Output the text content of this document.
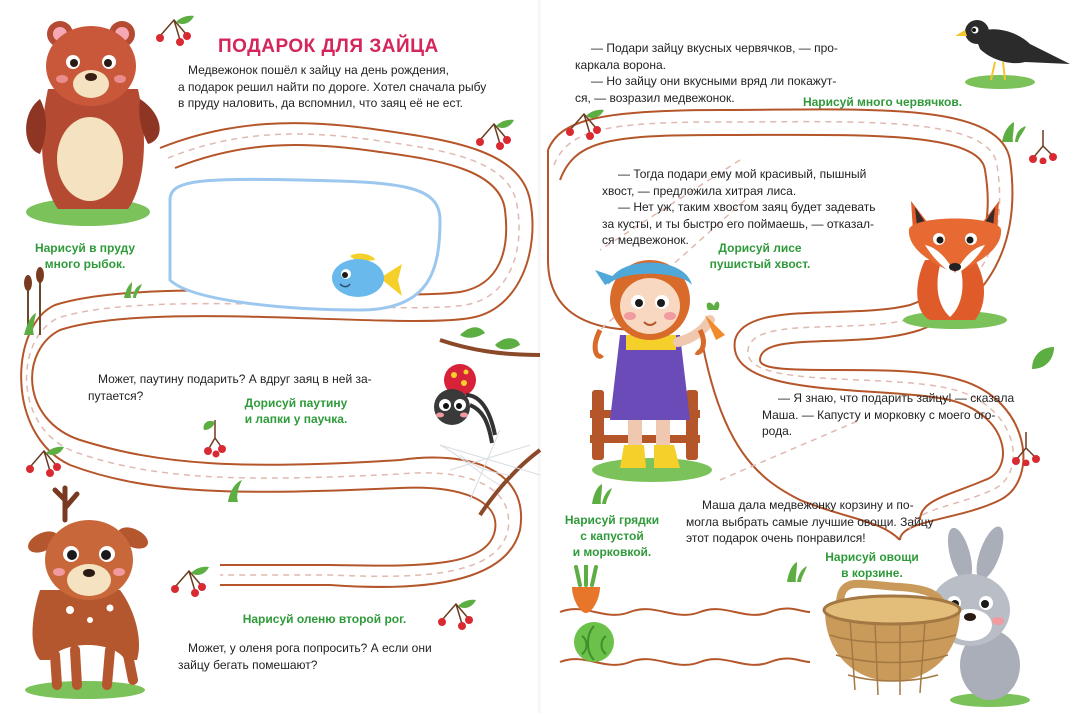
ПОДАРОК ДЛЯ ЗАЙЦА
Медвежонок пошёл к зайцу на день рождения,
а подарок решил найти по дороге. Хотел сначала рыбу
в пруду наловить, да вспомнил, что заяц её не ест.
Нарисуй в пруду
много рыбок.
Может, паутину подарить? А вдруг заяц в ней за-
путается?
Дорисуй паутину
и лапки у паучка.
Нарисуй оленю второй рог.
Может, у оленя рога попросить? А если они
зайцу бегать помешают?
— Подари зайцу вкусных червячков, — про-
каркала ворона.
— Но зайцу они вкусными вряд ли покажут-
ся, — возразил медвежонок.	Нарисуй много червячков.
— Тогда подари ему мой красивый, пышный
хвост, — предложила хитрая лиса.
— Нет уж, таким хвостом заяц будет задевать
за кусты, и ты быстро его поймаешь, — отказал-
ся медвежонок.
Дорисуй лисе
пушистый хвост.
— Я знаю, что подарить зайцу! — сказала
Маша. — Капусту и морковку с моего ого-
рода.
Нарисуй грядки
с капустой
и морковкой.
Маша дала медвежонку корзину и по-
могла выбрать самые лучшие овощи. Зайцу
этот подарок очень понравился!
Нарисуй овощи
в корзине.
